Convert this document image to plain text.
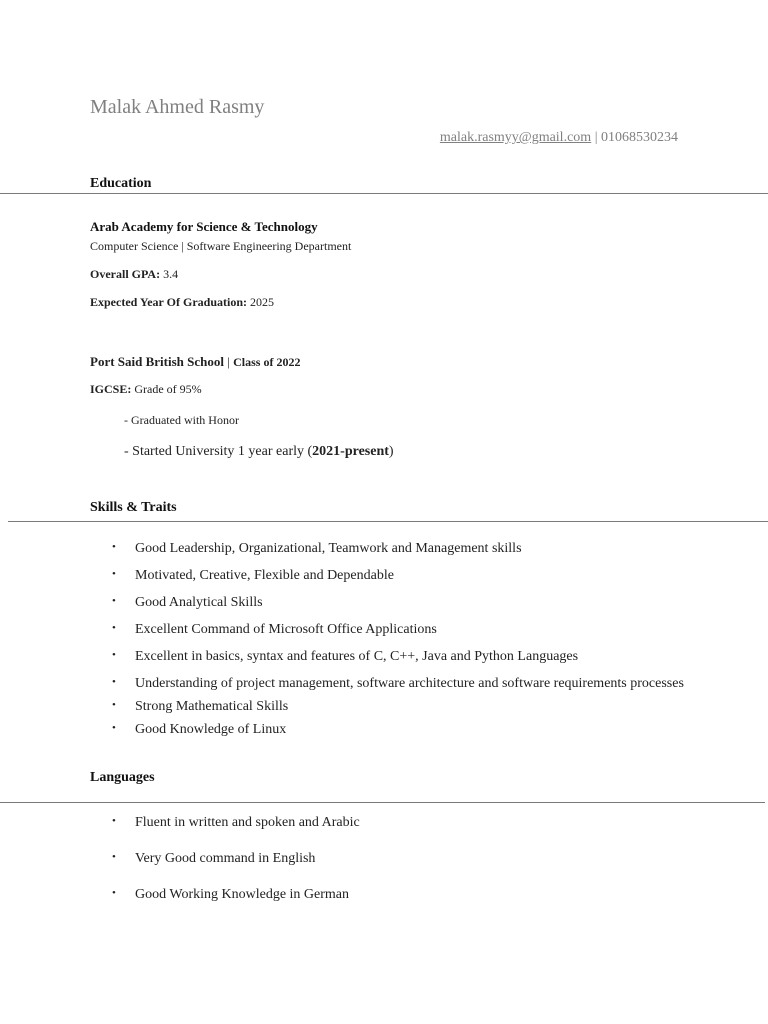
Malak Ahmed Rasmy
malak.rasmyy@gmail.com | 01068530234
Education
Arab Academy for Science & Technology
Computer Science | Software Engineering Department
Overall GPA: 3.4
Expected Year Of Graduation: 2025
Port Said British School | Class of 2022
IGCSE: Grade of 95%
- Graduated with Honor
- Started University 1 year early (2021-present)
Skills & Traits
• Good Leadership, Organizational, Teamwork and Management skills
• Motivated, Creative, Flexible and Dependable
• Good Analytical Skills
• Excellent Command of Microsoft Office Applications
• Excellent in basics, syntax and features of C, C++, Java and Python Languages
• Understanding of project management, software architecture and software requirements processes
• Strong Mathematical Skills
• Good Knowledge of Linux
Languages
• Fluent in written and spoken and Arabic
• Very Good command in English
• Good Working Knowledge in German
